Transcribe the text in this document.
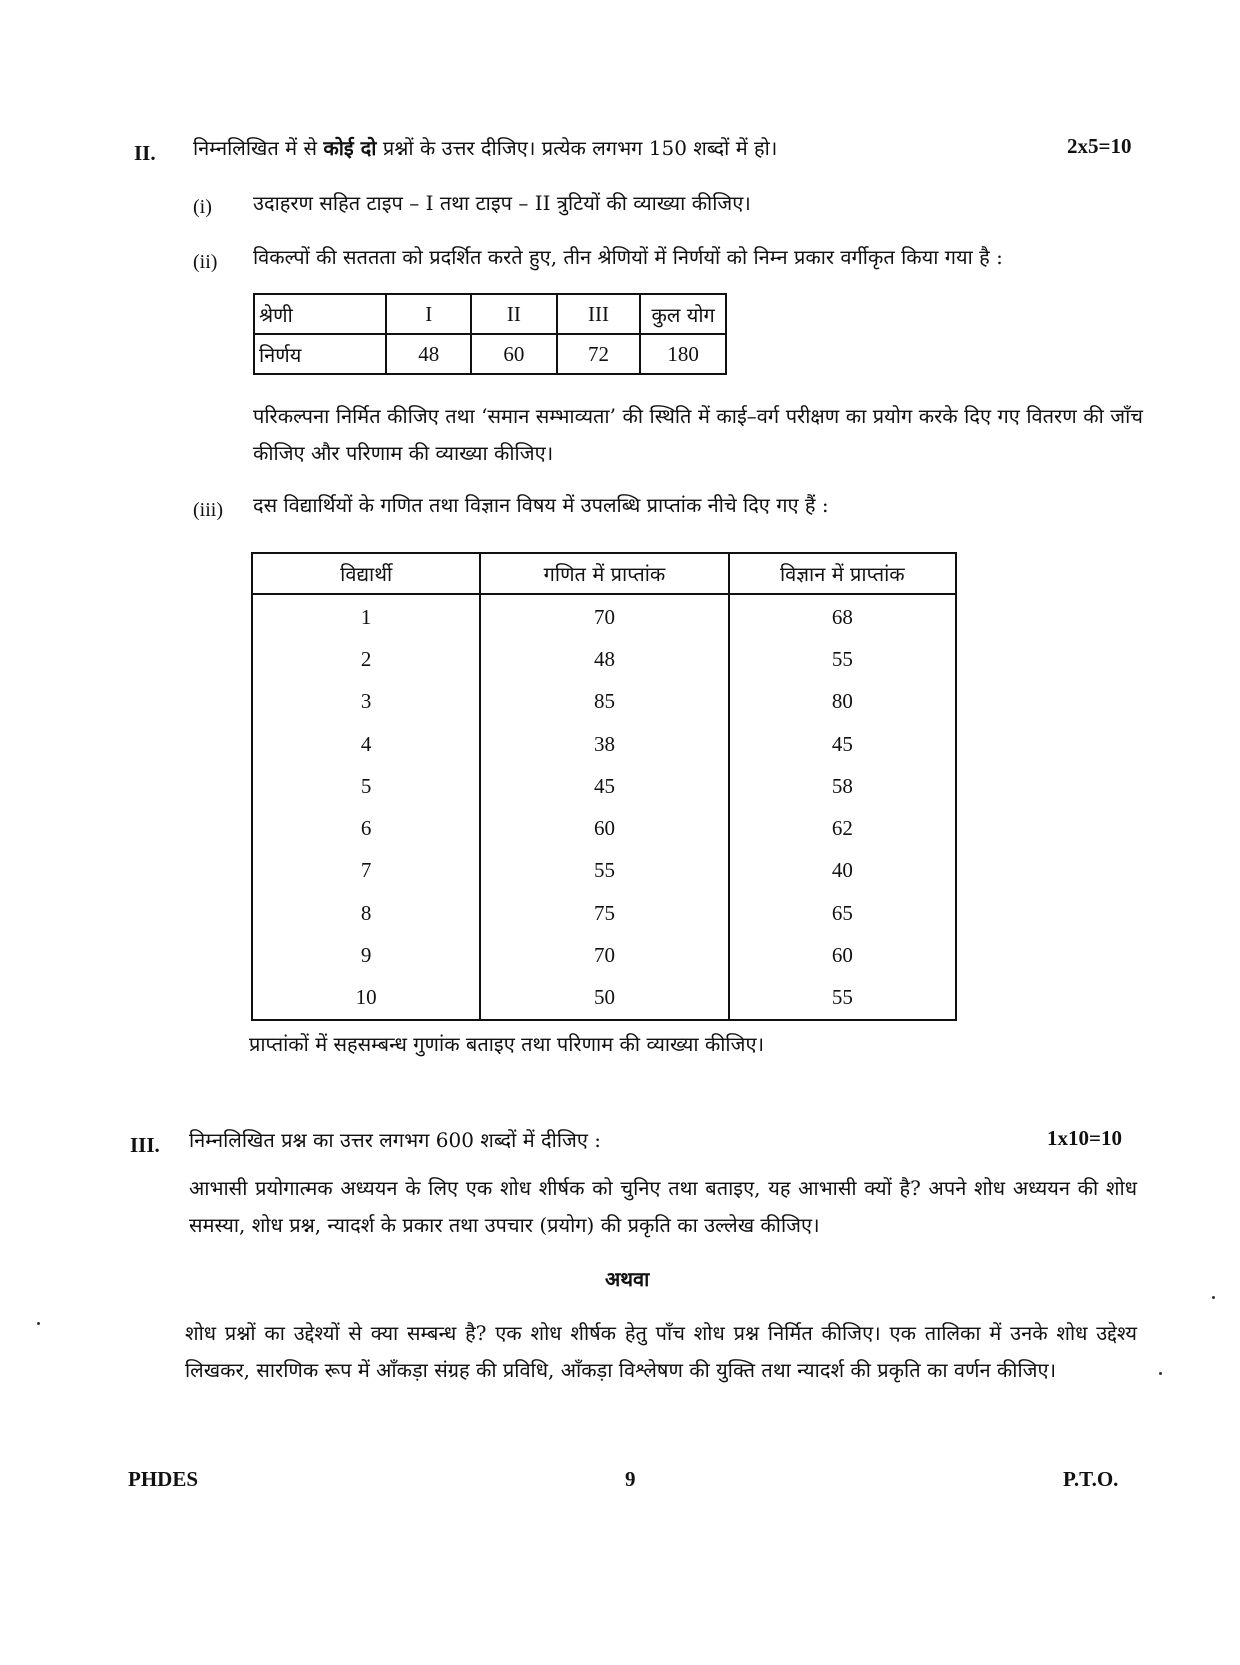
II. निम्नलिखित में से कोई दो प्रश्नों के उत्तर दीजिए। प्रत्येक लगभग 150 शब्दों में हो।	2x5=10
(i) उदाहरण सहित टाइप – I तथा टाइप – II त्रुटियों की व्याख्या कीजिए।
(ii) विकल्पों की सततता को प्रदर्शित करते हुए, तीन श्रेणियों में निर्णयों को निम्न प्रकार वर्गीकृत किया गया है :
श्रेणी	I	II	III	कुल योग
निर्णय	48	60	72	180
परिकल्पना निर्मित कीजिए तथा ‘समान सम्भाव्यता’ की स्थिति में काई–वर्ग परीक्षण का प्रयोग करके दिए गए वितरण की जाँच कीजिए और परिणाम की व्याख्या कीजिए।
(iii) दस विद्यार्थियों के गणित तथा विज्ञान विषय में उपलब्धि प्राप्तांक नीचे दिए गए हैं :
विद्यार्थी	गणित में प्राप्तांक	विज्ञान में प्राप्तांक
1	70	68
2	48	55
3	85	80
4	38	45
5	45	58
6	60	62
7	55	40
8	75	65
9	70	60
10	50	55
प्राप्तांकों में सहसम्बन्ध गुणांक बताइए तथा परिणाम की व्याख्या कीजिए।
III. निम्नलिखित प्रश्न का उत्तर लगभग 600 शब्दों में दीजिए :	1x10=10
आभासी प्रयोगात्मक अध्ययन के लिए एक शोध शीर्षक को चुनिए तथा बताइए, यह आभासी क्यों है? अपने शोध अध्ययन की शोध समस्या, शोध प्रश्न, न्यादर्श के प्रकार तथा उपचार (प्रयोग) की प्रकृति का उल्लेख कीजिए।
अथवा
शोध प्रश्नों का उद्देश्यों से क्या सम्बन्ध है? एक शोध शीर्षक हेतु पाँच शोध प्रश्न निर्मित कीजिए। एक तालिका में उनके शोध उद्देश्य लिखकर, सारणिक रूप में आँकड़ा संग्रह की प्रविधि, आँकड़ा विश्लेषण की युक्ति तथा न्यादर्श की प्रकृति का वर्णन कीजिए।
PHDES	9	P.T.O.
